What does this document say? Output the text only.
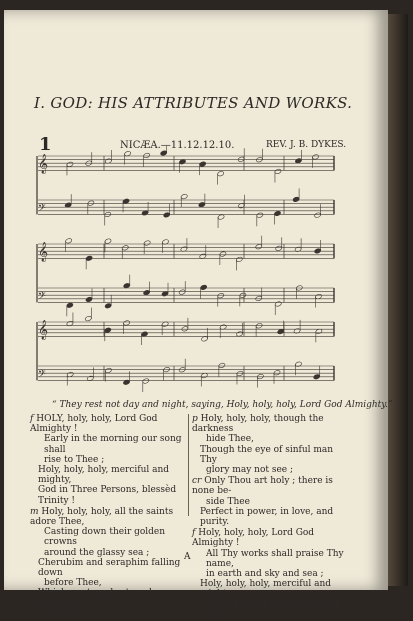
I. GOD: HIS ATTRIBUTES AND WORKS.
1	NICÆA.—11.12.12.10.	REV. J. B. DYKES.
𝄞
𝄢
𝄞
𝄢
𝄞
𝄢
“ They rest not day and night, saying, Holy, holy, holy, Lord God Almighty.”
f HOLY, holy, holy, Lord God Almighty !
Early in the morning our song shall
rise to Thee ;
Holy, holy, holy, merciful and mighty,
God in Three Persons, blessèd Trinity !
m Holy, holy, holy, all the saints adore Thee,
Casting down their golden crowns
around the glassy sea ;
Cherubim and seraphim falling down
before Thee,
Which wert, and art, and evermore
shalt be.
p Holy, holy, holy, though the darkness
hide Thee,
Though the eye of sinful man Thy
glory may not see ;
cr Only Thou art holy ; there is none be-
side Thee
Perfect in power, in love, and purity.
f Holy, holy, holy, Lord God Almighty !
All Thy works shall praise Thy name,
in earth and sky and sea ;
Holy, holy, holy, merciful and mighty,
God in Three Persons, blessèd Trinity !
A
